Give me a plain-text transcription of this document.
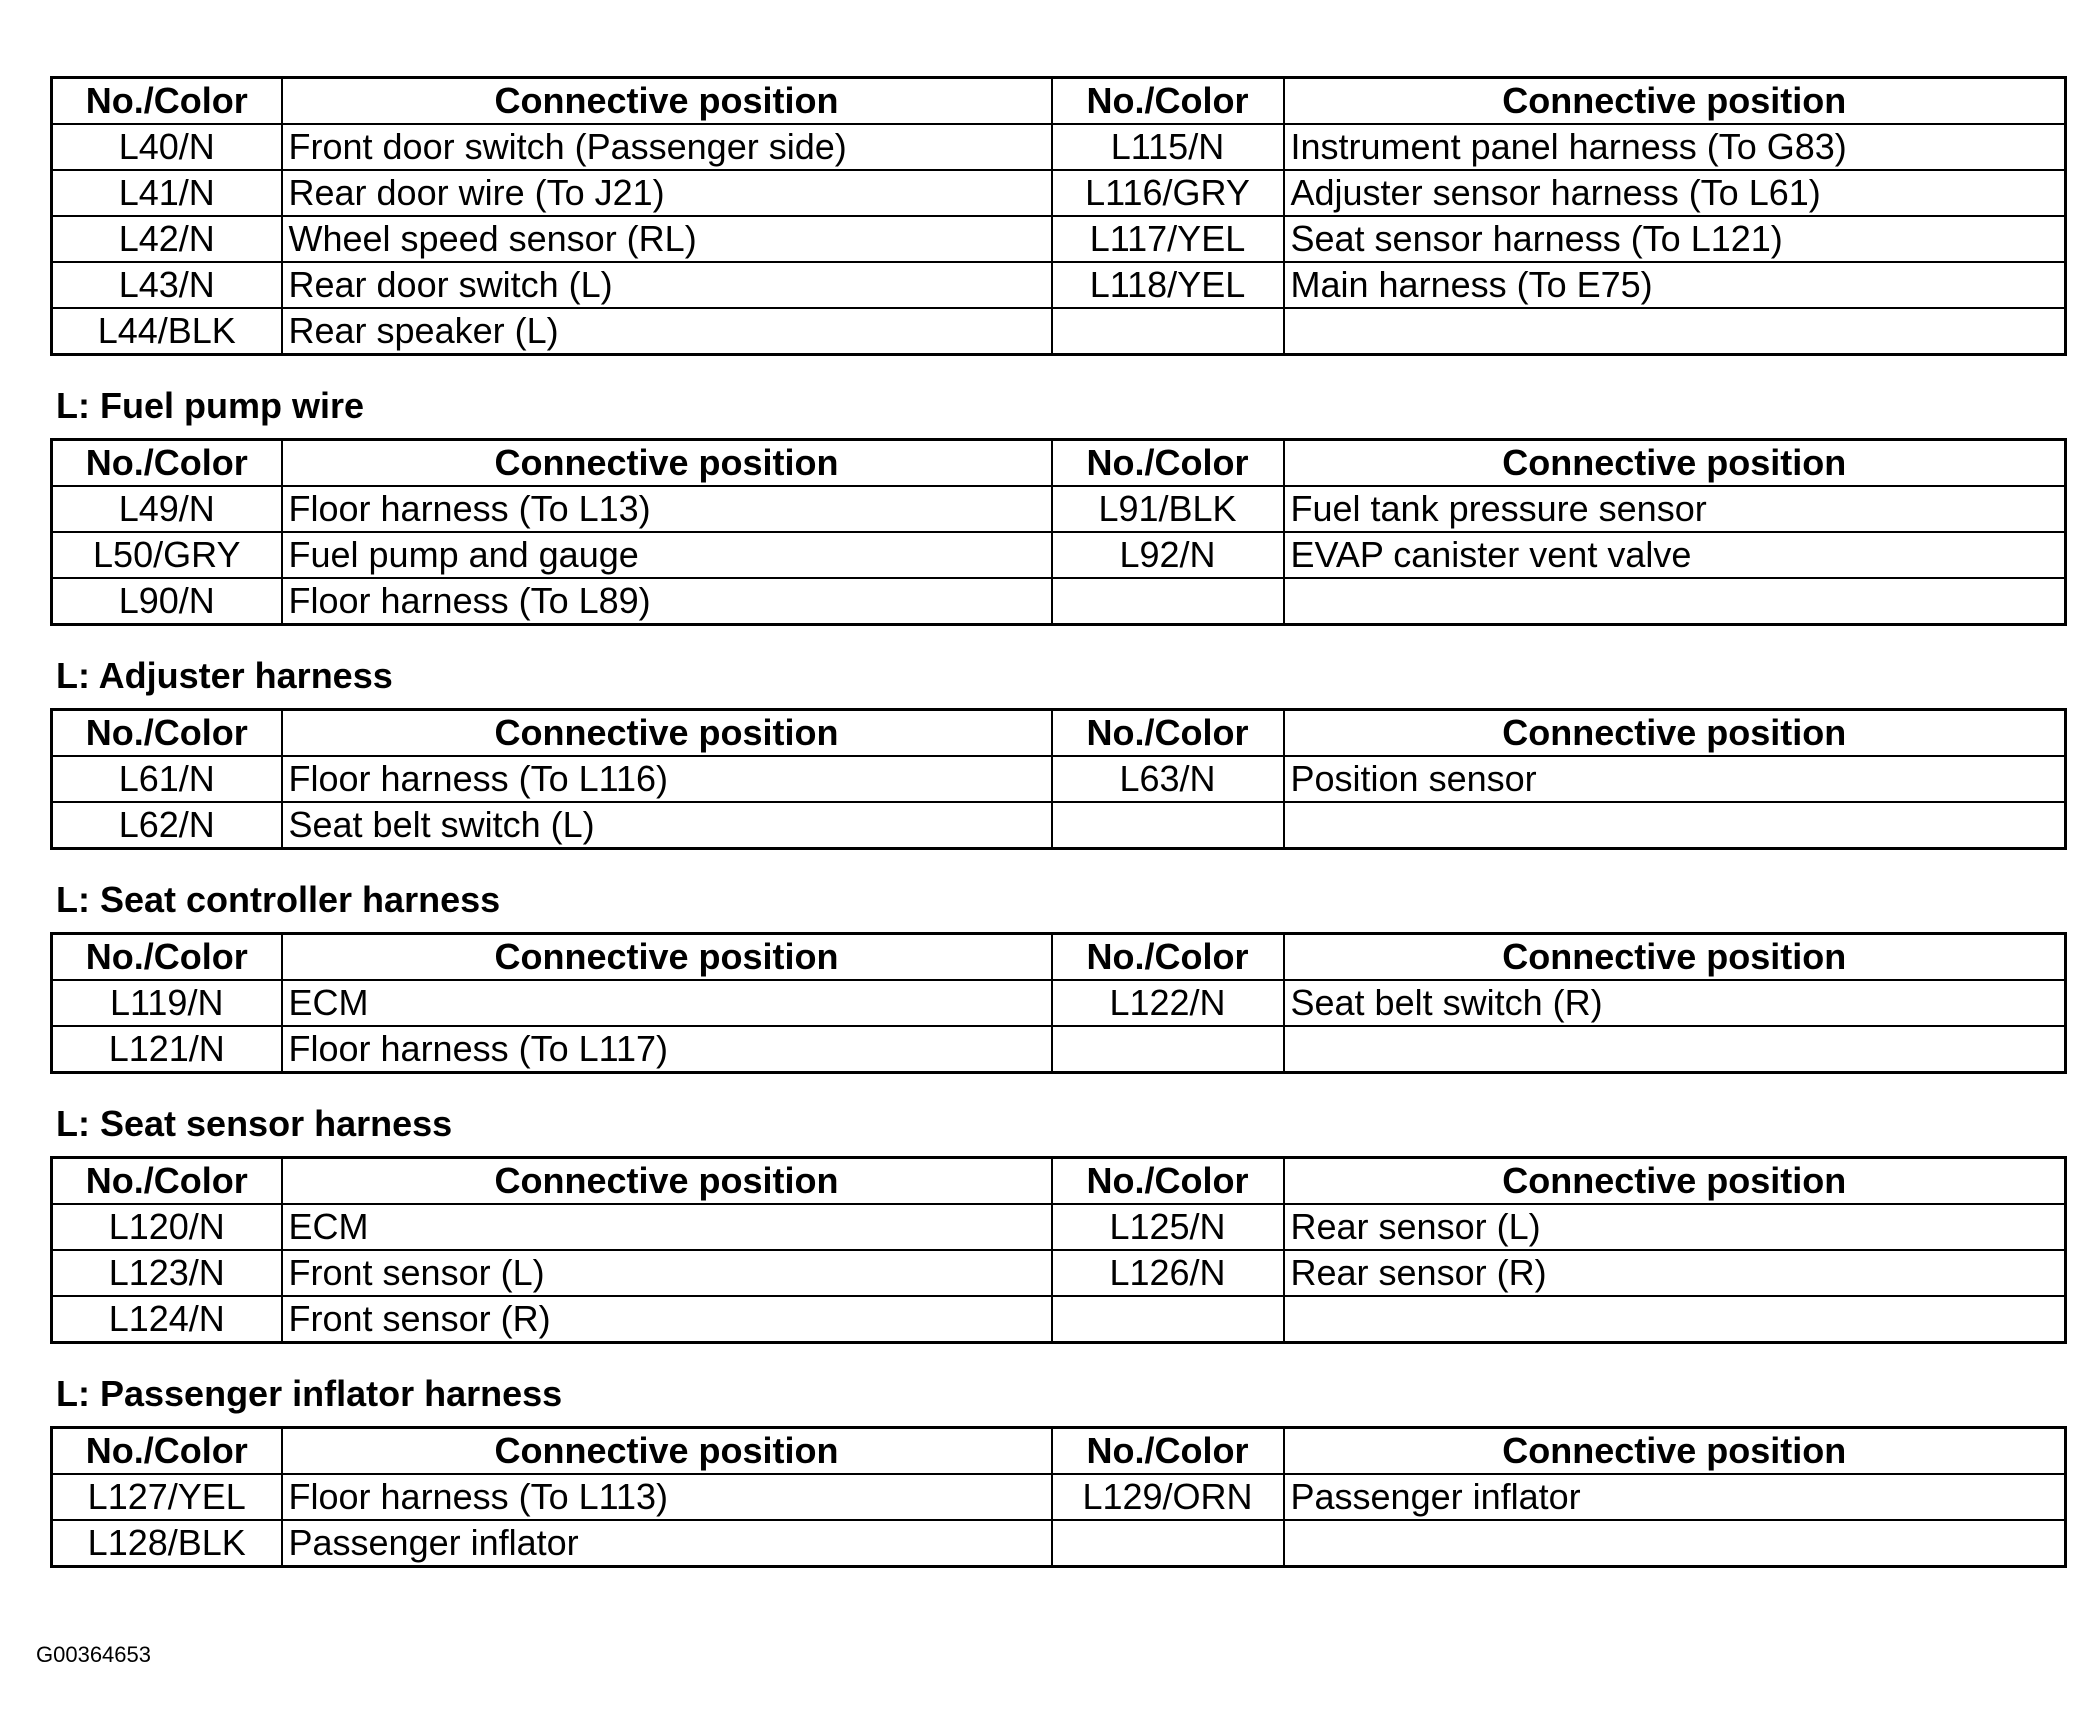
No./Color	Connective position	No./Color	Connective position
L40/N	Front door switch (Passenger side)	L115/N	Instrument panel harness (To G83)
L41/N	Rear door wire (To J21)	L116/GRY	Adjuster sensor harness (To L61)
L42/N	Wheel speed sensor (RL)	L117/YEL	Seat sensor harness (To L121)
L43/N	Rear door switch (L)	L118/YEL	Main harness (To E75)
L44/BLK	Rear speaker (L)		
L: Fuel pump wire
No./Color	Connective position	No./Color	Connective position
L49/N	Floor harness (To L13)	L91/BLK	Fuel tank pressure sensor
L50/GRY	Fuel pump and gauge	L92/N	EVAP canister vent valve
L90/N	Floor harness (To L89)		
L: Adjuster harness
No./Color	Connective position	No./Color	Connective position
L61/N	Floor harness (To L116)	L63/N	Position sensor
L62/N	Seat belt switch (L)		
L: Seat controller harness
No./Color	Connective position	No./Color	Connective position
L119/N	ECM	L122/N	Seat belt switch (R)
L121/N	Floor harness (To L117)		
L: Seat sensor harness
No./Color	Connective position	No./Color	Connective position
L120/N	ECM	L125/N	Rear sensor (L)
L123/N	Front sensor (L)	L126/N	Rear sensor (R)
L124/N	Front sensor (R)		
L: Passenger inflator harness
No./Color	Connective position	No./Color	Connective position
L127/YEL	Floor harness (To L113)	L129/ORN	Passenger inflator
L128/BLK	Passenger inflator		
G00364653
